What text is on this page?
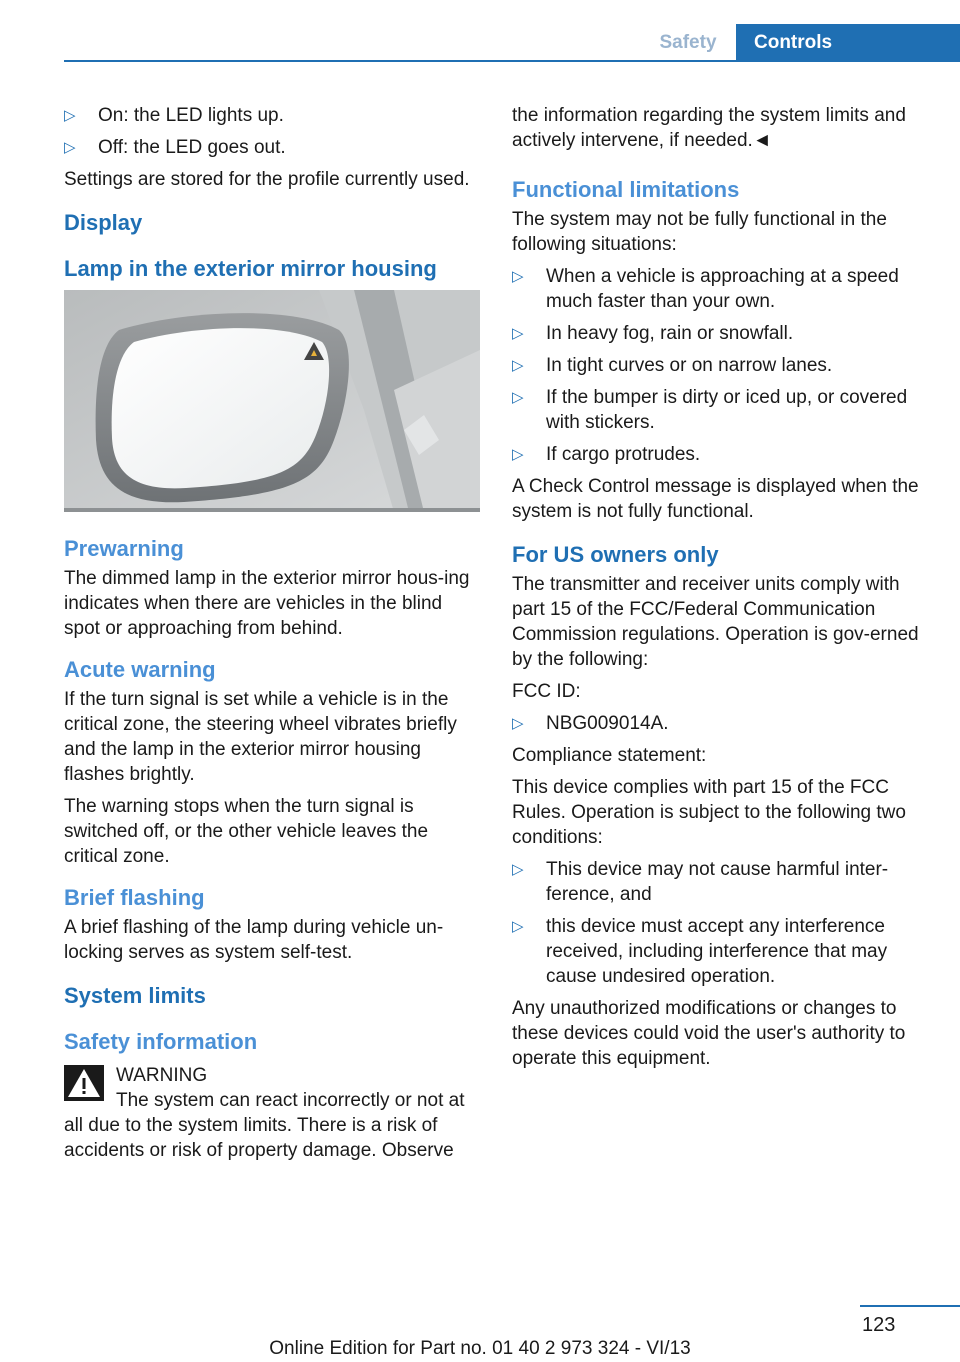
Safety	Controls
▷ On: the LED lights up.
▷ Off: the LED goes out.

Settings are stored for the profile currently used.

Display
Lamp in the exterior mirror housing
Prewarning

The dimmed lamp in the exterior mirror hous-ing indicates when there are vehicles in the blind spot or approaching from behind.

Acute warning

If the turn signal is set while a vehicle is in the critical zone, the steering wheel vibrates briefly and the lamp in the exterior mirror housing flashes brightly.

The warning stops when the turn signal is switched off, or the other vehicle leaves the critical zone.

Brief flashing

A brief flashing of the lamp during vehicle un-locking serves as system self-test.

System limits
Safety information
WARNING
The system can react incorrectly or not at all due to the system limits. There is a risk of accidents or risk of property damage. Observe

the information regarding the system limits and actively intervene, if needed.◄

Functional limitations

The system may not be fully functional in the following situations:

▷ When a vehicle is approaching at a speed much faster than your own.
▷ In heavy fog, rain or snowfall.
▷ In tight curves or on narrow lanes.
▷ If the bumper is dirty or iced up, or covered with stickers.
▷ If cargo protrudes.

A Check Control message is displayed when the system is not fully functional.

For US owners only

The transmitter and receiver units comply with part 15 of the FCC/Federal Communication Commission regulations. Operation is gov-erned by the following:

FCC ID:

▷ NBG009014A.

Compliance statement:

This device complies with part 15 of the FCC Rules. Operation is subject to the following two conditions:

▷ This device may not cause harmful inter-ference, and
▷ this device must accept any interference received, including interference that may cause undesired operation.

Any unauthorized modifications or changes to these devices could void the user's authority to operate this equipment.

123
Online Edition for Part no. 01 40 2 973 324 - VI/13
